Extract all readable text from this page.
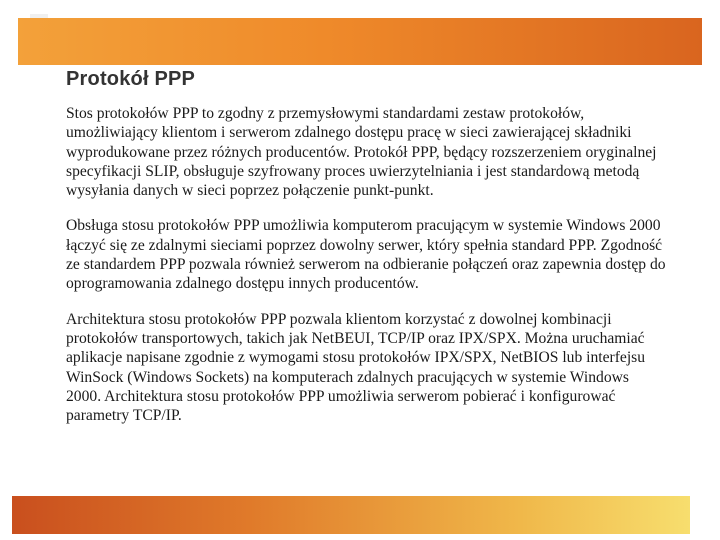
Protokół PPP

Stos protokołów PPP to zgodny z przemysłowymi standardami zestaw protokołów, umożliwiający klientom i serwerom zdalnego dostępu pracę w sieci zawierającej składniki wyprodukowane przez różnych producentów. Protokół PPP, będący rozszerzeniem oryginalnej specyfikacji SLIP, obsługuje szyfrowany proces uwierzytelniania i jest standardową metodą wysyłania danych w sieci poprzez połączenie punkt-punkt.

Obsługa stosu protokołów PPP umożliwia komputerom pracującym w systemie Windows 2000 łączyć się ze zdalnymi sieciami poprzez dowolny serwer, który spełnia standard PPP. Zgodność ze standardem PPP pozwala również serwerom na odbieranie połączeń oraz zapewnia dostęp do oprogramowania zdalnego dostępu innych producentów.

Architektura stosu protokołów PPP pozwala klientom korzystać z dowolnej kombinacji protokołów transportowych, takich jak NetBEUI, TCP/IP oraz IPX/SPX. Można uruchamiać aplikacje napisane zgodnie z wymogami stosu protokołów IPX/SPX, NetBIOS lub interfejsu WinSock (Windows Sockets) na komputerach zdalnych pracujących w systemie Windows 2000. Architektura stosu protokołów PPP umożliwia serwerom pobierać i konfigurować parametry TCP/IP.
